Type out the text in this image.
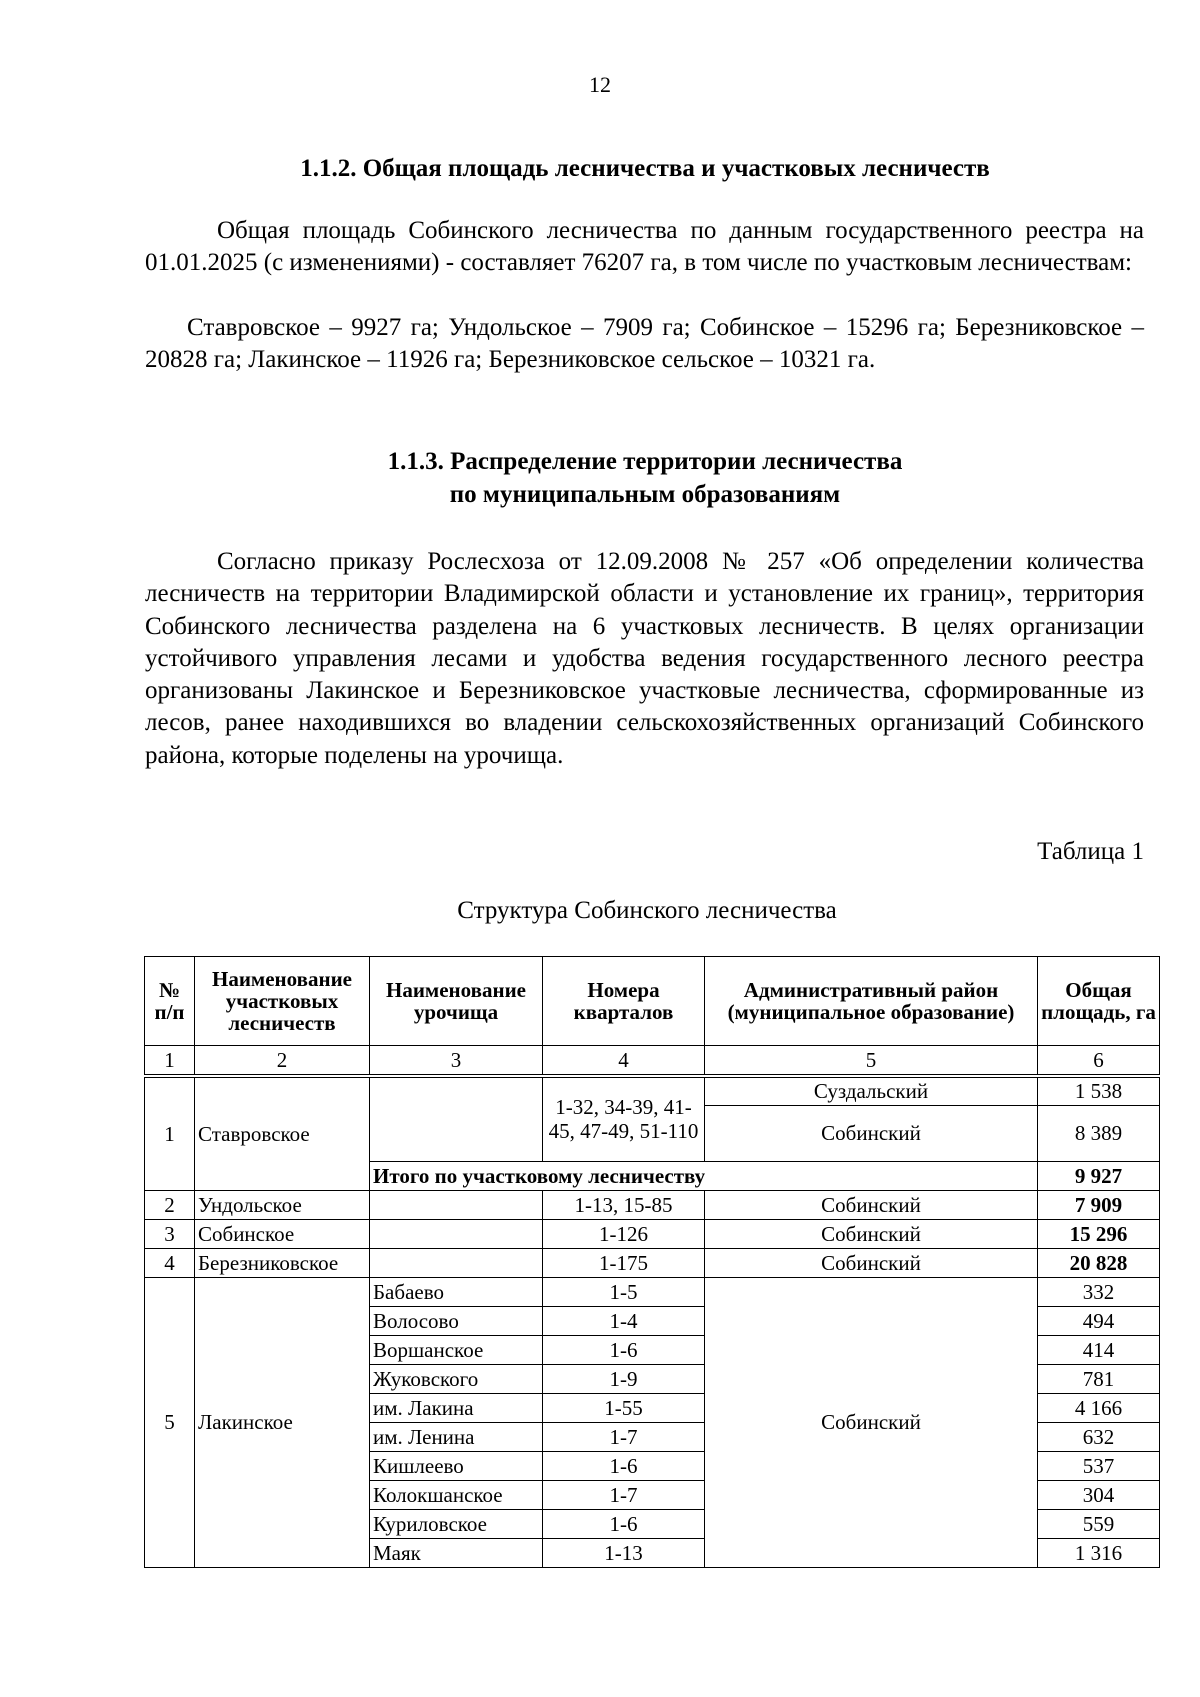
12
1.1.2. Общая площадь лесничества и участковых лесничеств

Общая площадь Собинского лесничества по данным государственного реестра на 01.01.2025 (с изменениями) - составляет 76207 га, в том числе по участковым лесничествам:

Ставровское – 9927 га; Ундольское – 7909 га; Собинское – 15296 га; Березниковское – 20828 га; Лакинское – 11926 га; Березниковское сельское – 10321 га.

1.1.3. Распределение территории лесничества
по муниципальным образованиям

Согласно приказу Рослесхоза от 12.09.2008 № 257 «Об определении количества лесничеств на территории Владимирской области и установление их границ», территория Собинского лесничества разделена на 6 участковых лесничеств. В целях организации устойчивого управления лесами и удобства ведения государственного лесного реестра организованы Лакинское и Березниковское участковые лесничества, сформированные из лесов, ранее находившихся во владении сельскохозяйственных организаций Собинского района, которые поделены на урочища.

Таблица 1
Структура Собинского лесничества
№ п/п	Наименование участковых лесничеств	Наименование урочища	Номера кварталов	Административный район (муниципальное образование)	Общая площадь, га
1	2	3	4	5	6
1	Ставровское		1-32, 34-39, 41-45, 47-49, 51-110	Суздальский	1 538
				Собинский	8 389
		Итого по участковому лесничеству			9 927
2	Ундольское		1-13, 15-85	Собинский	7 909
3	Собинское		1-126	Собинский	15 296
4	Березниковское		1-175	Собинский	20 828
5	Лакинское	Бабаево	1-5	Собинский	332
		Волосово	1-4		494
		Воршанское	1-6		414
		Жуковского	1-9		781
		им. Лакина	1-55		4 166
		им. Ленина	1-7		632
		Кишлеево	1-6		537
		Колокшанское	1-7		304
		Куриловское	1-6		559
		Маяк	1-13		1 316
